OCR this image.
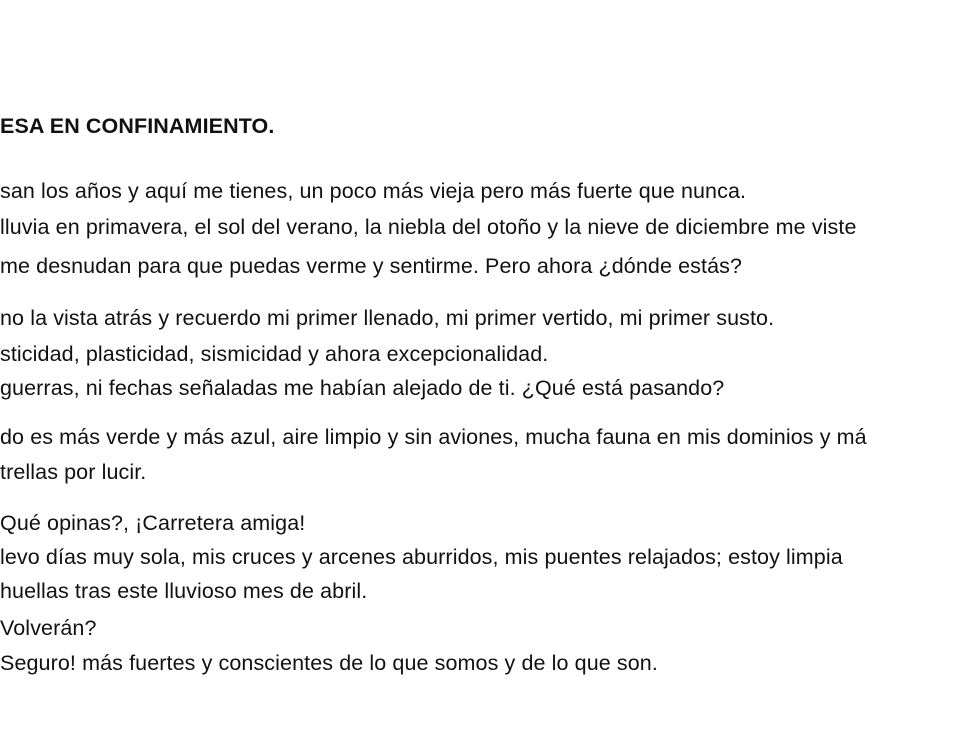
ESA EN CONFINAMIENTO.
san los años y aquí me tienes, un poco más vieja pero más fuerte que nunca.
lluvia en primavera, el sol del verano, la niebla del otoño y la nieve de diciembre me viste
me desnudan para que puedas verme y sentirme. Pero ahora ¿dónde estás?
no la vista atrás y recuerdo mi primer llenado, mi primer vertido, mi primer susto.
sticidad, plasticidad, sismicidad y ahora excepcionalidad.
guerras, ni fechas señaladas me habían alejado de ti. ¿Qué está pasando?
do es más verde y más azul, aire limpio y sin aviones, mucha fauna en mis dominios y má
trellas por lucir.
Qué opinas?, ¡Carretera amiga!
levo días muy sola, mis cruces y arcenes aburridos, mis puentes relajados; estoy limpia
huellas tras este lluvioso mes de abril.
Volverán?
Seguro! más fuertes y conscientes de lo que somos y de lo que son.
